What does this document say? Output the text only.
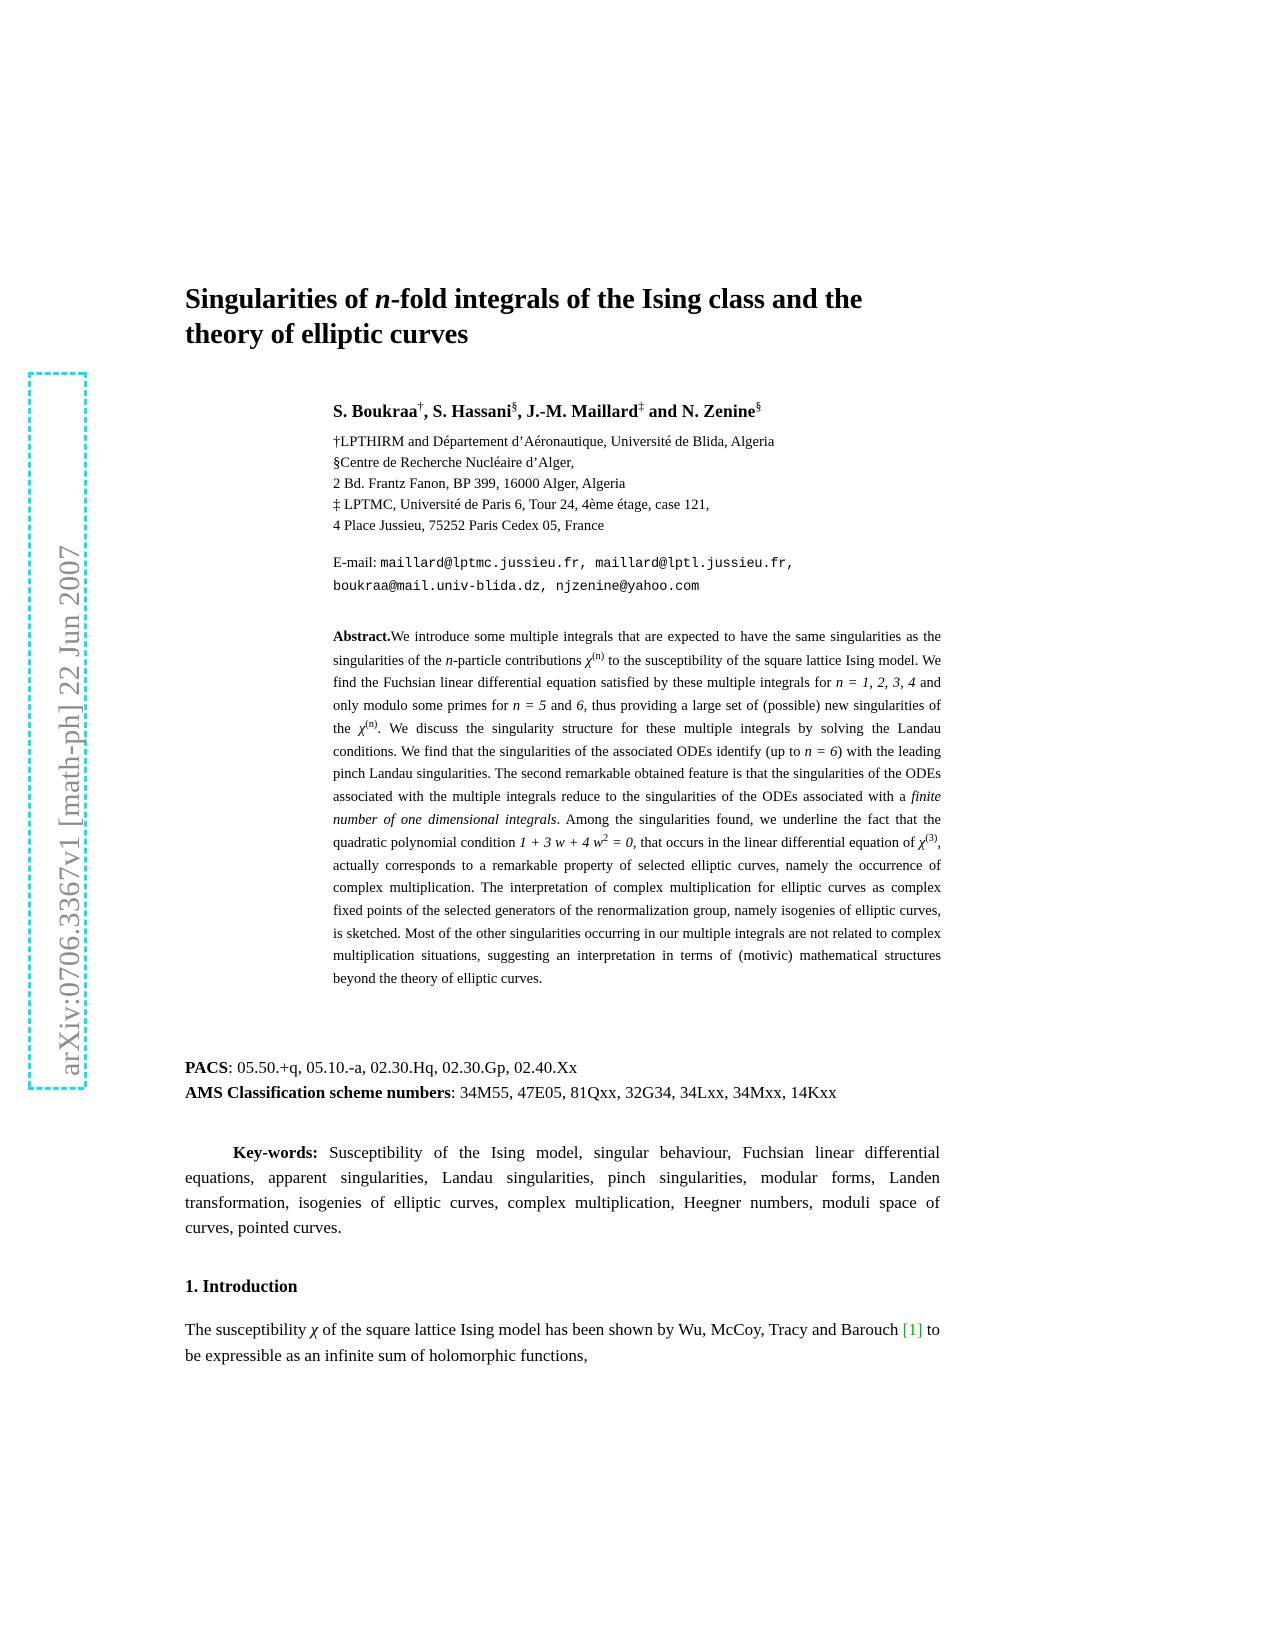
arXiv:0706.3367v1 [math-ph] 22 Jun 2007
Singularities of n-fold integrals of the Ising class and the theory of elliptic curves
S. Boukraa†, S. Hassani§, J.-M. Maillard‡ and N. Zenine§
†LPTHIRM and Département d’Aéronautique, Université de Blida, Algeria
§Centre de Recherche Nucléaire d’Alger,
2 Bd. Frantz Fanon, BP 399, 16000 Alger, Algeria
‡ LPTMC, Université de Paris 6, Tour 24, 4ème étage, case 121,
4 Place Jussieu, 75252 Paris Cedex 05, France
E-mail: maillard@lptmc.jussieu.fr, maillard@lptl.jussieu.fr,
boukraa@mail.univ-blida.dz, njzenine@yahoo.com
Abstract.We introduce some multiple integrals that are expected to have the same singularities as the singularities of the n-particle contributions $\chi^{(n)}$ to the susceptibility of the square lattice Ising model. We find the Fuchsian linear differential equation satisfied by these multiple integrals for n = 1, 2, 3, 4 and only modulo some primes for n = 5 and 6, thus providing a large set of (possible) new singularities of the $\chi^{(n)}$. We discuss the singularity structure for these multiple integrals by solving the Landau conditions. We find that the singularities of the associated ODEs identify (up to n = 6) with the leading pinch Landau singularities. The second remarkable obtained feature is that the singularities of the ODEs associated with the multiple integrals reduce to the singularities of the ODEs associated with a finite number of one dimensional integrals. Among the singularities found, we underline the fact that the quadratic polynomial condition 1 + 3 w + 4 $w^2 = 0$, that occurs in the linear differential equation of $\chi^{(3)}$, actually corresponds to a remarkable property of selected elliptic curves, namely the occurrence of complex multiplication. The interpretation of complex multiplication for elliptic curves as complex fixed points of the selected generators of the renormalization group, namely isogenies of elliptic curves, is sketched. Most of the other singularities occurring in our multiple integrals are not related to complex multiplication situations, suggesting an interpretation in terms of (motivic) mathematical structures beyond the theory of elliptic curves.
PACS: 05.50.+q, 05.10.-a, 02.30.Hq, 02.30.Gp, 02.40.Xx
AMS Classification scheme numbers: 34M55, 47E05, 81Qxx, 32G34, 34Lxx, 34Mxx, 14Kxx
Key-words: Susceptibility of the Ising model, singular behaviour, Fuchsian linear differential equations, apparent singularities, Landau singularities, pinch singularities, modular forms, Landen transformation, isogenies of elliptic curves, complex multiplication, Heegner numbers, moduli space of curves, pointed curves.
1. Introduction

The susceptibility χ of the square lattice Ising model has been shown by Wu, McCoy, Tracy and Barouch [1] to be expressible as an infinite sum of holomorphic functions,
